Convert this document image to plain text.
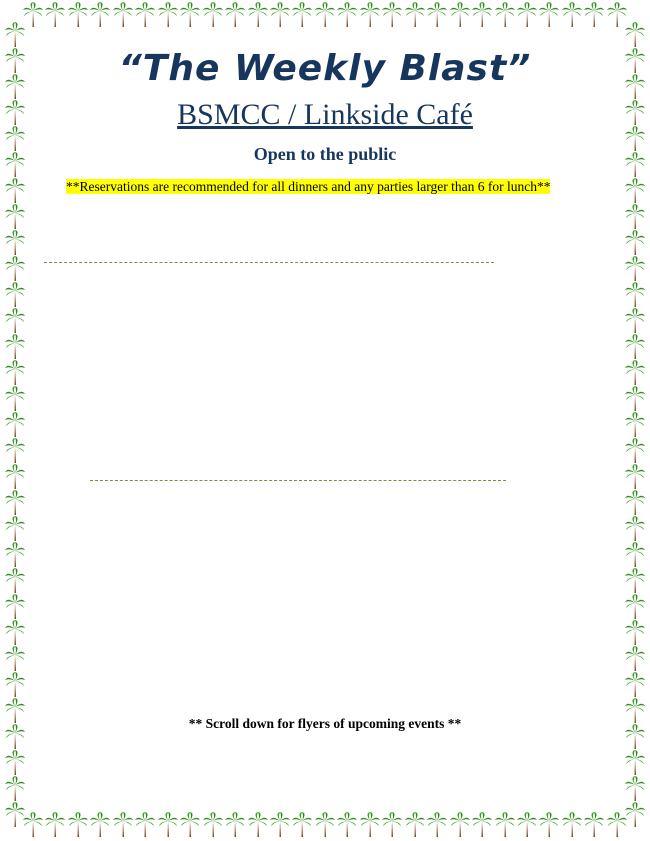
“The Weekly Blast”
BSMCC / Linkside Café
Open to the public
**Reservations are recommended for all dinners and any parties larger than 6 for lunch**
** Scroll down for flyers of upcoming events **
